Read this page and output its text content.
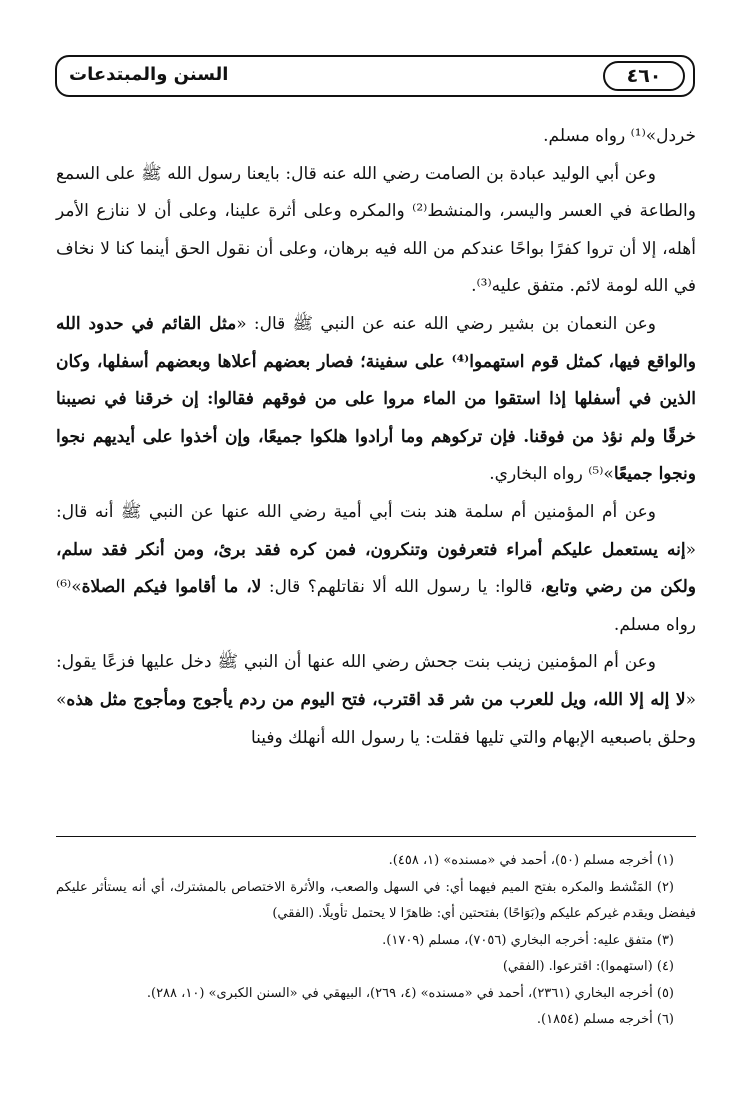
السنن والمبتدعات	٤٦٠

خردل»⁽¹⁾ رواه مسلم.

وعن أبي الوليد عبادة بن الصامت رضي الله عنه قال: بايعنا رسول الله ﷺ على السمع والطاعة في العسر واليسر، والمنشط⁽²⁾ والمكره وعلى أثرة علينا، وعلى أن لا ننازع الأمر أهله، إلا أن تروا كفرًا بواحًا عندكم من الله فيه برهان، وعلى أن نقول الحق أينما كنا لا نخاف في الله لومة لائم. متفق عليه⁽³⁾.

وعن النعمان بن بشير رضي الله عنه عن النبي ﷺ قال: «مثل القائم في حدود الله والواقع فيها، كمثل قوم استهموا⁽⁴⁾ على سفينة؛ فصار بعضهم أعلاها وبعضهم أسفلها، وكان الذين في أسفلها إذا استقوا من الماء مروا على من فوقهم فقالوا: إن خرقنا في نصيبنا خرقًا ولم نؤذ من فوقنا. فإن تركوهم وما أرادوا هلكوا جميعًا، وإن أخذوا على أيديهم نجوا ونجوا جميعًا»⁽⁵⁾ رواه البخاري.

وعن أم المؤمنين أم سلمة هند بنت أبي أمية رضي الله عنها عن النبي ﷺ أنه قال: «إنه يستعمل عليكم أمراء فتعرفون وتنكرون، فمن كره فقد برئ، ومن أنكر فقد سلم، ولكن من رضي وتابع، قالوا: يا رسول الله ألا نقاتلهم؟ قال: لا، ما أقاموا فيكم الصلاة»⁽⁶⁾ رواه مسلم.

وعن أم المؤمنين زينب بنت جحش رضي الله عنها أن النبي ﷺ دخل عليها فزعًا يقول: «لا إله إلا الله، ويل للعرب من شر قد اقترب، فتح اليوم من ردم يأجوج ومأجوج مثل هذه» وحلق باصبعيه الإبهام والتي تليها فقلت: يا رسول الله أنهلك وفينا

(١) أخرجه مسلم (٥٠)، أحمد في «مسنده» (١، ٤٥٨).

(٢) المَنْشط والمكره بفتح الميم فيهما أي: في السهل والصعب، والأثرة الاختصاص بالمشترك، أي أنه يستأثر عليكم فيفضل ويقدم غيركم عليكم و(بَوَاحًا) بفتحتين أي: ظاهرًا لا يحتمل تأويلًا. (الفقي)

(٣) متفق عليه: أخرجه البخاري (٧٠٥٦)، مسلم (١٧٠٩).

(٤) (استهموا): اقترعوا. (الفقي)

(٥) أخرجه البخاري (٢٣٦١)، أحمد في «مسنده» (٤، ٢٦٩)، البيهقي في «السنن الكبرى» (١٠، ٢٨٨).

(٦) أخرجه مسلم (١٨٥٤).
